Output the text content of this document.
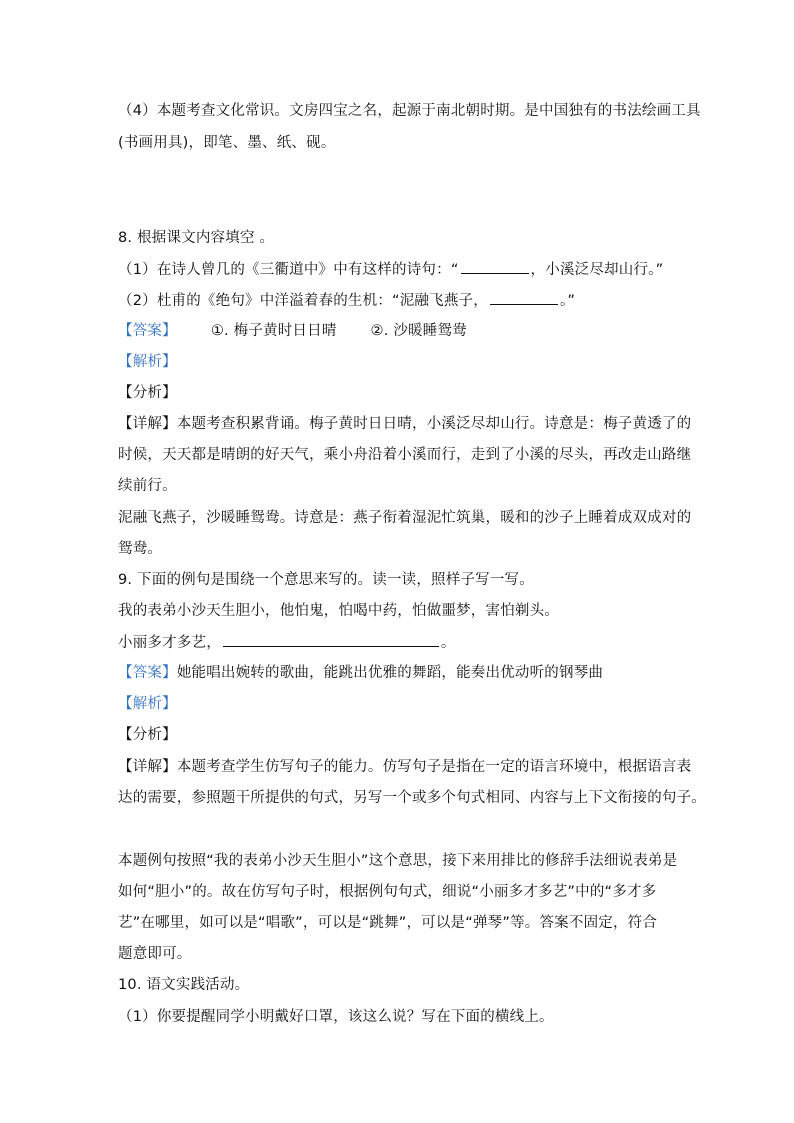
（4）本题考查文化常识。文房四宝之名，起源于南北朝时期。是中国独有的书法绘画工具
(书画用具)，即笔、墨、纸、砚。
8. 根据课文内容填空 。
（1）在诗人曾几的《三衢道中》中有这样的诗句：“	，小溪泛尽却山行。”
（2）杜甫的《绝句》中洋溢着春的生机：“泥融飞燕子，	。”
【答案】 ①. 梅子黄时日日晴 ②. 沙暖睡鸳鸯
【解析】
【分析】
【详解】本题考查积累背诵。梅子黄时日日晴，小溪泛尽却山行。诗意是：梅子黄透了的
时候，天天都是晴朗的好天气，乘小舟沿着小溪而行，走到了小溪的尽头，再改走山路继
续前行。
泥融飞燕子，沙暖睡鸳鸯。诗意是：燕子衔着湿泥忙筑巢，暖和的沙子上睡着成双成对的
鸳鸯。
9. 下面的例句是围绕一个意思来写的。读一读，照样子写一写。
我的表弟小沙天生胆小，他怕鬼，怕喝中药，怕做噩梦，害怕剃头。
小丽多才多艺，	。
【答案】她能唱出婉转的歌曲，能跳出优雅的舞蹈，能奏出优动听的钢琴曲
【解析】
【分析】
【详解】本题考查学生仿写句子的能力。仿写句子是指在一定的语言环境中，根据语言表
达的需要，参照题干所提供的句式，另写一个或多个句式相同、内容与上下文衔接的句子。
本题例句按照“我的表弟小沙天生胆小”这个意思，接下来用排比的修辞手法细说表弟是
如何“胆小”的。故在仿写句子时，根据例句句式，细说“小丽多才多艺”中的“多才多
艺”在哪里，如可以是“唱歌”，可以是“跳舞”，可以是“弹琴”等。答案不固定，符合
题意即可。
10. 语文实践活动。
（1）你要提醒同学小明戴好口罩，该这么说？写在下面的横线上。
